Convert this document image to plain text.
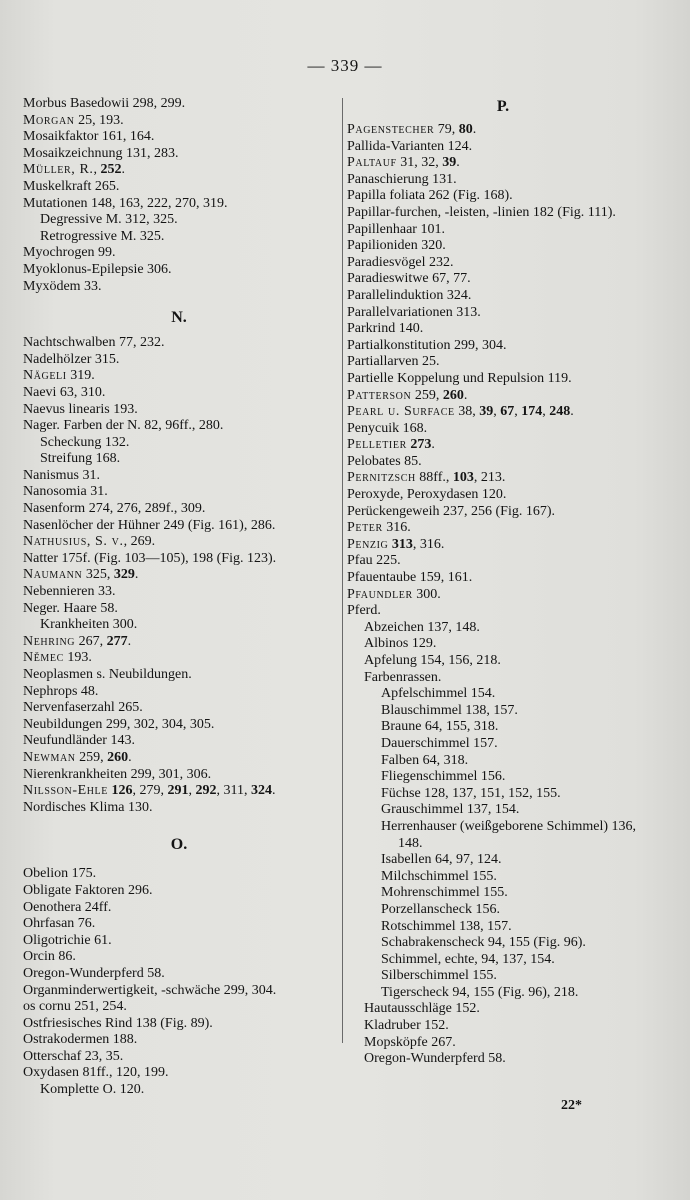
— 339 —
Morbus Basedowii 298, 299.
Morgan 25, 193.
Mosaikfaktor 161, 164.
Mosaikzeichnung 131, 283.
Müller, R., 252.
Muskelkraft 265.
Mutationen 148, 163, 222, 270, 319.
Degressive M. 312, 325.
Retrogressive M. 325.
Myochrogen 99.
Myoklonus-Epilepsie 306.
Myxödem 33.
N.
Nachtschwalben 77, 232.
Nadelhölzer 315.
Nägeli 319.
Naevi 63, 310.
Naevus linearis 193.
Nager. Farben der N. 82, 96ff., 280.
Scheckung 132.
Streifung 168.
Nanismus 31.
Nanosomia 31.
Nasenform 274, 276, 289f., 309.
Nasenlöcher der Hühner 249 (Fig. 161), 286.
Nathusius, S. v., 269.
Natter 175f. (Fig. 103—105), 198 (Fig. 123).
Naumann 325, 329.
Nebennieren 33.
Neger. Haare 58.
Krankheiten 300.
Nehring 267, 277.
Němec 193.
Neoplasmen s. Neubildungen.
Nephrops 48.
Nervenfaserzahl 265.
Neubildungen 299, 302, 304, 305.
Neufundländer 143.
Newman 259, 260.
Nierenkrankheiten 299, 301, 306.
Nilsson-Ehle 126, 279, 291, 292, 311, 324.
Nordisches Klima 130.
O.
Obelion 175.
Obligate Faktoren 296.
Oenothera 24ff.
Ohrfasan 76.
Oligotrichie 61.
Orcin 86.
Oregon-Wunderpferd 58.
Organminderwertigkeit, -schwäche 299, 304.
os cornu 251, 254.
Ostfriesisches Rind 138 (Fig. 89).
Ostrakodermen 188.
Otterschaf 23, 35.
Oxydasen 81ff., 120, 199.
Komplette O. 120.
P.
Pagenstecher 79, 80.
Pallida-Varianten 124.
Paltauf 31, 32, 39.
Panaschierung 131.
Papilla foliata 262 (Fig. 168).
Papillar-furchen, -leisten, -linien 182 (Fig. 111).
Papillenhaar 101.
Papilioniden 320.
Paradiesvögel 232.
Paradieswitwe 67, 77.
Parallelinduktion 324.
Parallelvariationen 313.
Parkrind 140.
Partialkonstitution 299, 304.
Partiallarven 25.
Partielle Koppelung und Repulsion 119.
Patterson 259, 260.
Pearl u. Surface 38, 39, 67, 174, 248.
Penycuik 168.
Pelletier 273.
Pelobates 85.
Pernitzsch 88ff., 103, 213.
Peroxyde, Peroxydasen 120.
Perückengeweih 237, 256 (Fig. 167).
Peter 316.
Penzig 313, 316.
Pfau 225.
Pfauentaube 159, 161.
Pfaundler 300.
Pferd.
Abzeichen 137, 148.
Albinos 129.
Apfelung 154, 156, 218.
Farbenrassen.
Apfelschimmel 154.
Blauschimmel 138, 157.
Braune 64, 155, 318.
Dauerschimmel 157.
Falben 64, 318.
Fliegenschimmel 156.
Füchse 128, 137, 151, 152, 155.
Grauschimmel 137, 154.
Herrenhauser (weißgeborene Schimmel) 136, 148.
Isabellen 64, 97, 124.
Milchschimmel 155.
Mohrenschimmel 155.
Porzellanscheck 156.
Rotschimmel 138, 157.
Schabrakenscheck 94, 155 (Fig. 96).
Schimmel, echte, 94, 137, 154.
Silberschimmel 155.
Tigerscheck 94, 155 (Fig. 96), 218.
Hautausschläge 152.
Kladruber 152.
Mopsköpfe 267.
Oregon-Wunderpferd 58.
22*
